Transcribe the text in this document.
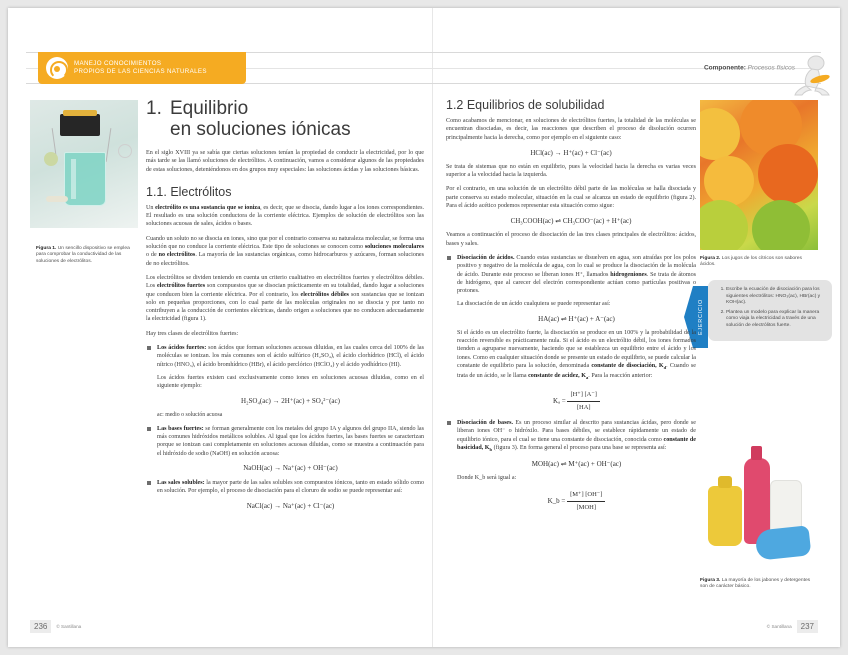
MANEJO CONOCIMIENTOS
PROPIOS DE LAS CIENCIAS NATURALES	Componente: Procesos físicos
Figura 1. Un sencillo dispositivo se emplea para comprobar la conductividad de las soluciones de electrólitos.
1. Equilibrio
en soluciones iónicas

En el siglo XVIII ya se sabía que ciertas soluciones tenían la propiedad de conducir la electricidad, por lo que más tarde se las llamó soluciones de electrólitos. A continuación, vamos a considerar algunos de las propiedades de estas soluciones, deteniéndonos en dos grupos muy especiales: las soluciones ácidas y las soluciones básicas.

1.1. Electrólitos

Un electrólito es una sustancia que se ioniza, es decir, que se disocia, dando lugar a los iones correspondientes. El resultado es una solución conductora de la corriente eléctrica. Ejemplos de solución de electrólitos son las soluciones acuosas de sales, ácidos o bases.

Cuando un soluto no se disocia en iones, sino que por el contrario conserva su naturaleza molecular, se forma una solución que no conduce la corriente eléctrica. Este tipo de soluciones se conocen como soluciones moleculares o de no electrólitos. La mayoría de las sustancias orgánicas, como hidrocarburos y azúcares, forman soluciones de no electrólitos.

Los electrólitos se dividen teniendo en cuenta un criterio cualitativo en electrólitos fuertes y electrólitos débiles. Los electrólitos fuertes son compuestos que se disocian prácticamente en su totalidad, dando lugar a soluciones que conducen bien la corriente eléctrica. Por el contrario, los electrólitos débiles son sustancias que se ionizan solo en pequeñas proporciones, con lo cual parte de las moléculas originales no se disocia y por tanto no contribuyen a la conducción de corrientes eléctricas, dando origen a soluciones que no conducen adecuadamente la electricidad (figura 1).

Hay tres clases de electrólitos fuertes:

Los ácidos fuertes: son ácidos que forman soluciones acuosas diluidas, en las cuales cerca del 100% de las moléculas se ionizan. los más comunes son el ácido sulfúrico (H₂SO₄), el ácido clorhídrico (HCl), el ácido nítrico (HNO₃), el ácido bromhídrico (HBr), el ácido perclórico (HClO₄) y el ácido yodhídrico (HI).
Los ácidos fuertes existen casi exclusivamente como iones en soluciones acuosas diluidas, como en el siguiente ejemplo:
H₂SO₄(ac) → 2H⁺(ac) + SO₄²⁻(ac)
ac: medio o solución acuosa
Las bases fuertes: se forman generalmente con los metales del grupo IA y algunos del grupo IIA, siendo las más comunes hidróxidos metálicos solubles. Al igual que los ácidos fuertes, las bases fuertes se caracterizan porque se ionizan casi completamente en soluciones acuosas diluidas, como se muestra a continuación para el hidróxido de sodio (NaOH) en solución acuosa:
NaOH(ac) → Na⁺(ac) + OH⁻(ac)
Las sales solubles: la mayor parte de las sales solubles son compuestos iónicos, tanto en estado sólido como en solución. Por ejemplo, el proceso de disociación para el cloruro de sodio se puede representar así:
NaCl(ac) → Na⁺(ac) + Cl⁻(ac)
Figura 2. Los jugos de los cítricos son sabores ácidos.
EJERCICIO
1. Escribe la ecuación de disociación para los siguientes electrólitos: HNO₃(ac), HBr(ac) y KOH(ac).
2. Plantea un modelo para explicar la manera como viaja la electricidad a través de una solución de electrólitos fuerte.
Figura 3. La mayoría de los jabones y detergentes son de carácter básico.
1.2 Equilibrios de solubilidad

Como acabamos de mencionar, en soluciones de electrólitos fuertes, la totalidad de las moléculas se encuentran disociadas, es decir, las reacciones que describen el proceso de disolución ocurren principalmente hacia la derecha, como por ejemplo en el siguiente caso:

HCl(ac) → H⁺(ac) + Cl⁻(ac)

Se trata de sistemas que no están en equilibrio, pues la velocidad hacia la derecha es varias veces superior a la velocidad hacia la izquierda.

Por el contrario, en una solución de un electrólito débil parte de las moléculas se halla disociada y parte conserva su estado molecular, situación en la cual se alcanza un estado de equilibrio (figura 2). Para el ácido acético podemos representar esta situación como sigue:

CH₃COOH(ac) ⇌ CH₃COO⁻(ac) + H⁺(ac)

Veamos a continuación el proceso de disociación de las tres clases principales de electrólitos: ácidos, bases y sales.

Disociación de ácidos. Cuando estas sustancias se disuelven en agua, son atraídas por los polos positivo y negativo de la molécula de agua, con lo cual se produce la disociación de la molécula de ácido. Durante este proceso se liberan iones H⁺, llamados hidrogeniones. Se trata de átomos de hidrógeno, que al carecer del electrón correspondiente actúan como partículas positivas o protones.
La disociación de un ácido cualquiera se puede representar así:
HA(ac) ⇌ H⁺(ac) + A⁻(ac)
Si el ácido es un electrólito fuerte, la disociación se produce en un 100% y la probabilidad de la reacción reversible es prácticamente nula. Si el ácido es un electrólito débil, los iones formados tienden a agruparse nuevamente, haciendo que se establezca un equilibrio entre el ácido y los iones. Como en cualquier situación donde se presente un estado de equilibrio, se puede calcular la constante de equilibrio para la solución, denominada constante de disociación, $K_d$. Cuando se trata de un ácido, se le llama constante de acidez, $K_a$. Para la reacción anterior:
$K_a = \frac{[H^+] [A^-]}{[HA]}$
Disociación de bases. Es un proceso similar al descrito para sustancias ácidas, pero donde se liberan iones OH⁻ o hidróxilo. Para bases débiles, se establece rápidamente un estado de equilibrio iónico, para el cual se tiene una constante de disociación, conocida como constante de basicidad, $K_b$ (figura 3). En forma general el proceso para una base se representa así:
MOH(ac) ⇌ M⁺(ac) + OH⁻(ac)
Donde K_b será igual a:
K_b = $\frac{[M^+] [OH^-]}{\text{[MOH]}}$
236	© Santillana	© Santillana	237
